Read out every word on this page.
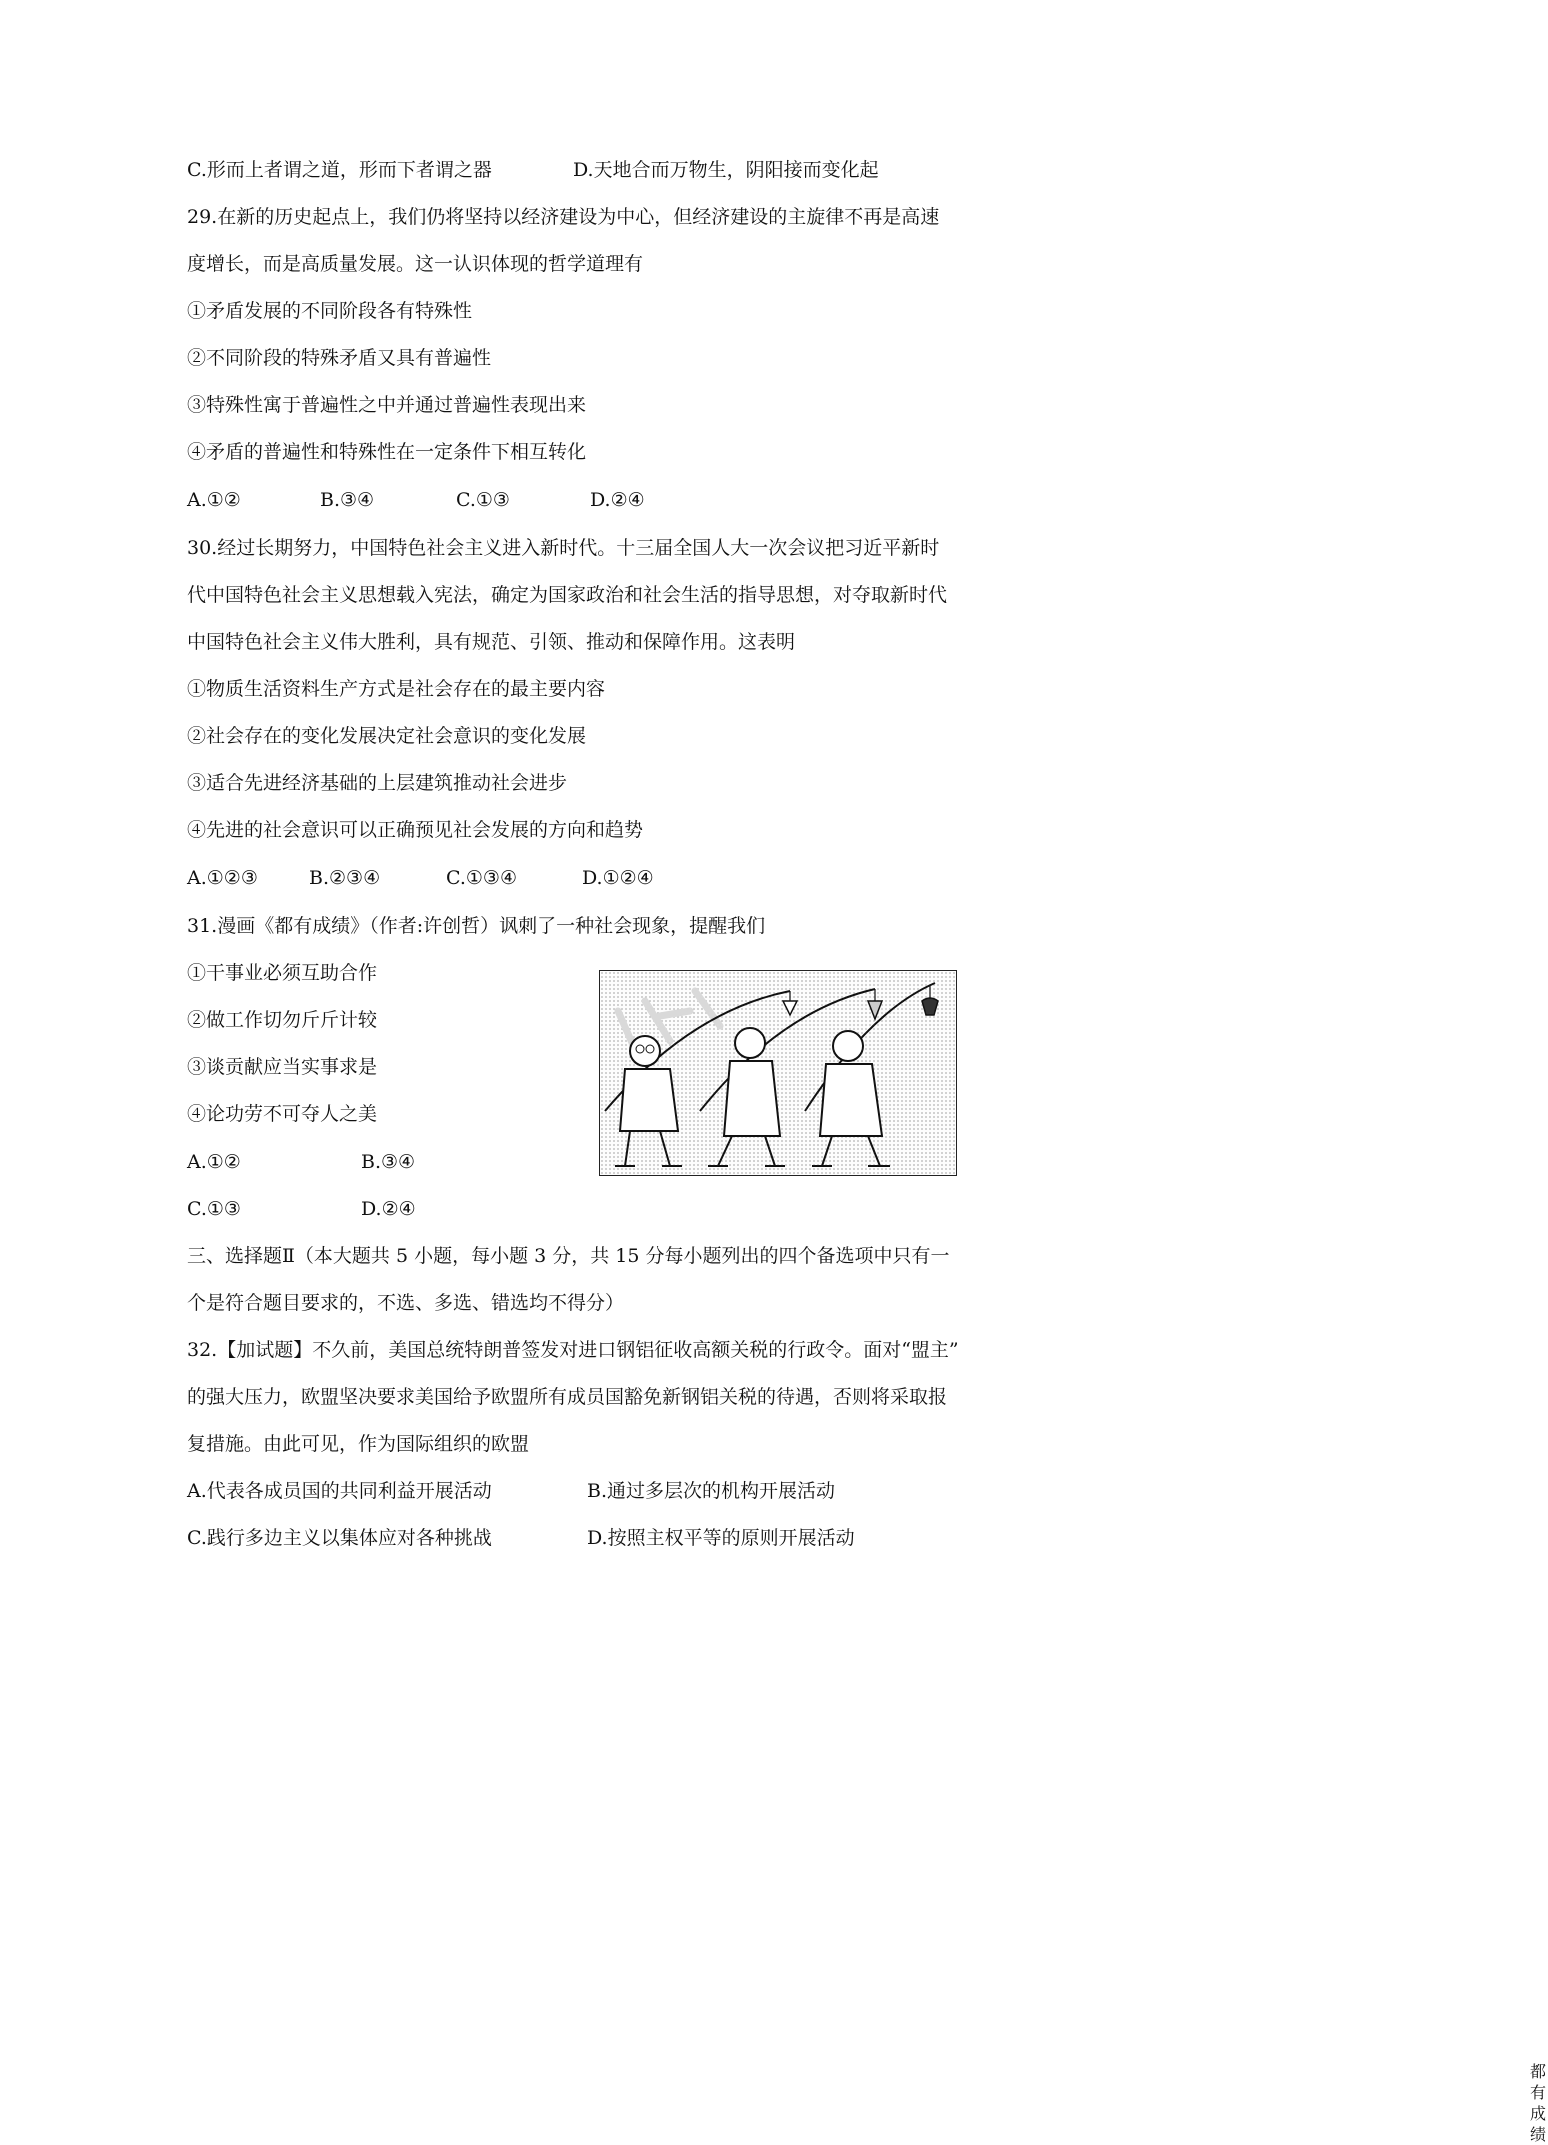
C.形而上者谓之道，形而下者谓之器	D.天地合而万物生，阴阳接而变化起
29.在新的历史起点上，我们仍将坚持以经济建设为中心，但经济建设的主旋律不再是高速
度增长，而是高质量发展。这一认识体现的哲学道理有
①矛盾发展的不同阶段各有特殊性
②不同阶段的特殊矛盾又具有普遍性
③特殊性寓于普遍性之中并通过普遍性表现出来
④矛盾的普遍性和特殊性在一定条件下相互转化
A.①②	B.③④	C.①③	D.②④
30.经过长期努力，中国特色社会主义进入新时代。十三届全国人大一次会议把习近平新时
代中国特色社会主义思想载入宪法，确定为国家政治和社会生活的指导思想，对夺取新时代
中国特色社会主义伟大胜利，具有规范、引领、推动和保障作用。这表明
①物质生活资料生产方式是社会存在的最主要内容
②社会存在的变化发展决定社会意识的变化发展
③适合先进经济基础的上层建筑推动社会进步
④先进的社会意识可以正确预见社会发展的方向和趋势
A.①②③	B.②③④	C.①③④	D.①②④
31.漫画《都有成绩》（作者:许创哲）讽刺了一种社会现象，提醒我们
①干事业必须互助合作
②做工作切勿斤斤计较
③谈贡献应当实事求是
④论功劳不可夺人之美
A.①②	B.③④
C.①③	D.②④
都有成绩
三、选择题Ⅱ（本大题共 5 小题，每小题 3 分，共 15 分每小题列出的四个备选项中只有一
个是符合题目要求的，不选、多选、错选均不得分）
32.【加试题】不久前，美国总统特朗普签发对进口钢铝征收高额关税的行政令。面对“盟主”
的强大压力，欧盟坚决要求美国给予欧盟所有成员国豁免新钢铝关税的待遇，否则将采取报
复措施。由此可见，作为国际组织的欧盟
A.代表各成员国的共同利益开展活动	B.通过多层次的机构开展活动
C.践行多边主义以集体应对各种挑战	D.按照主权平等的原则开展活动
